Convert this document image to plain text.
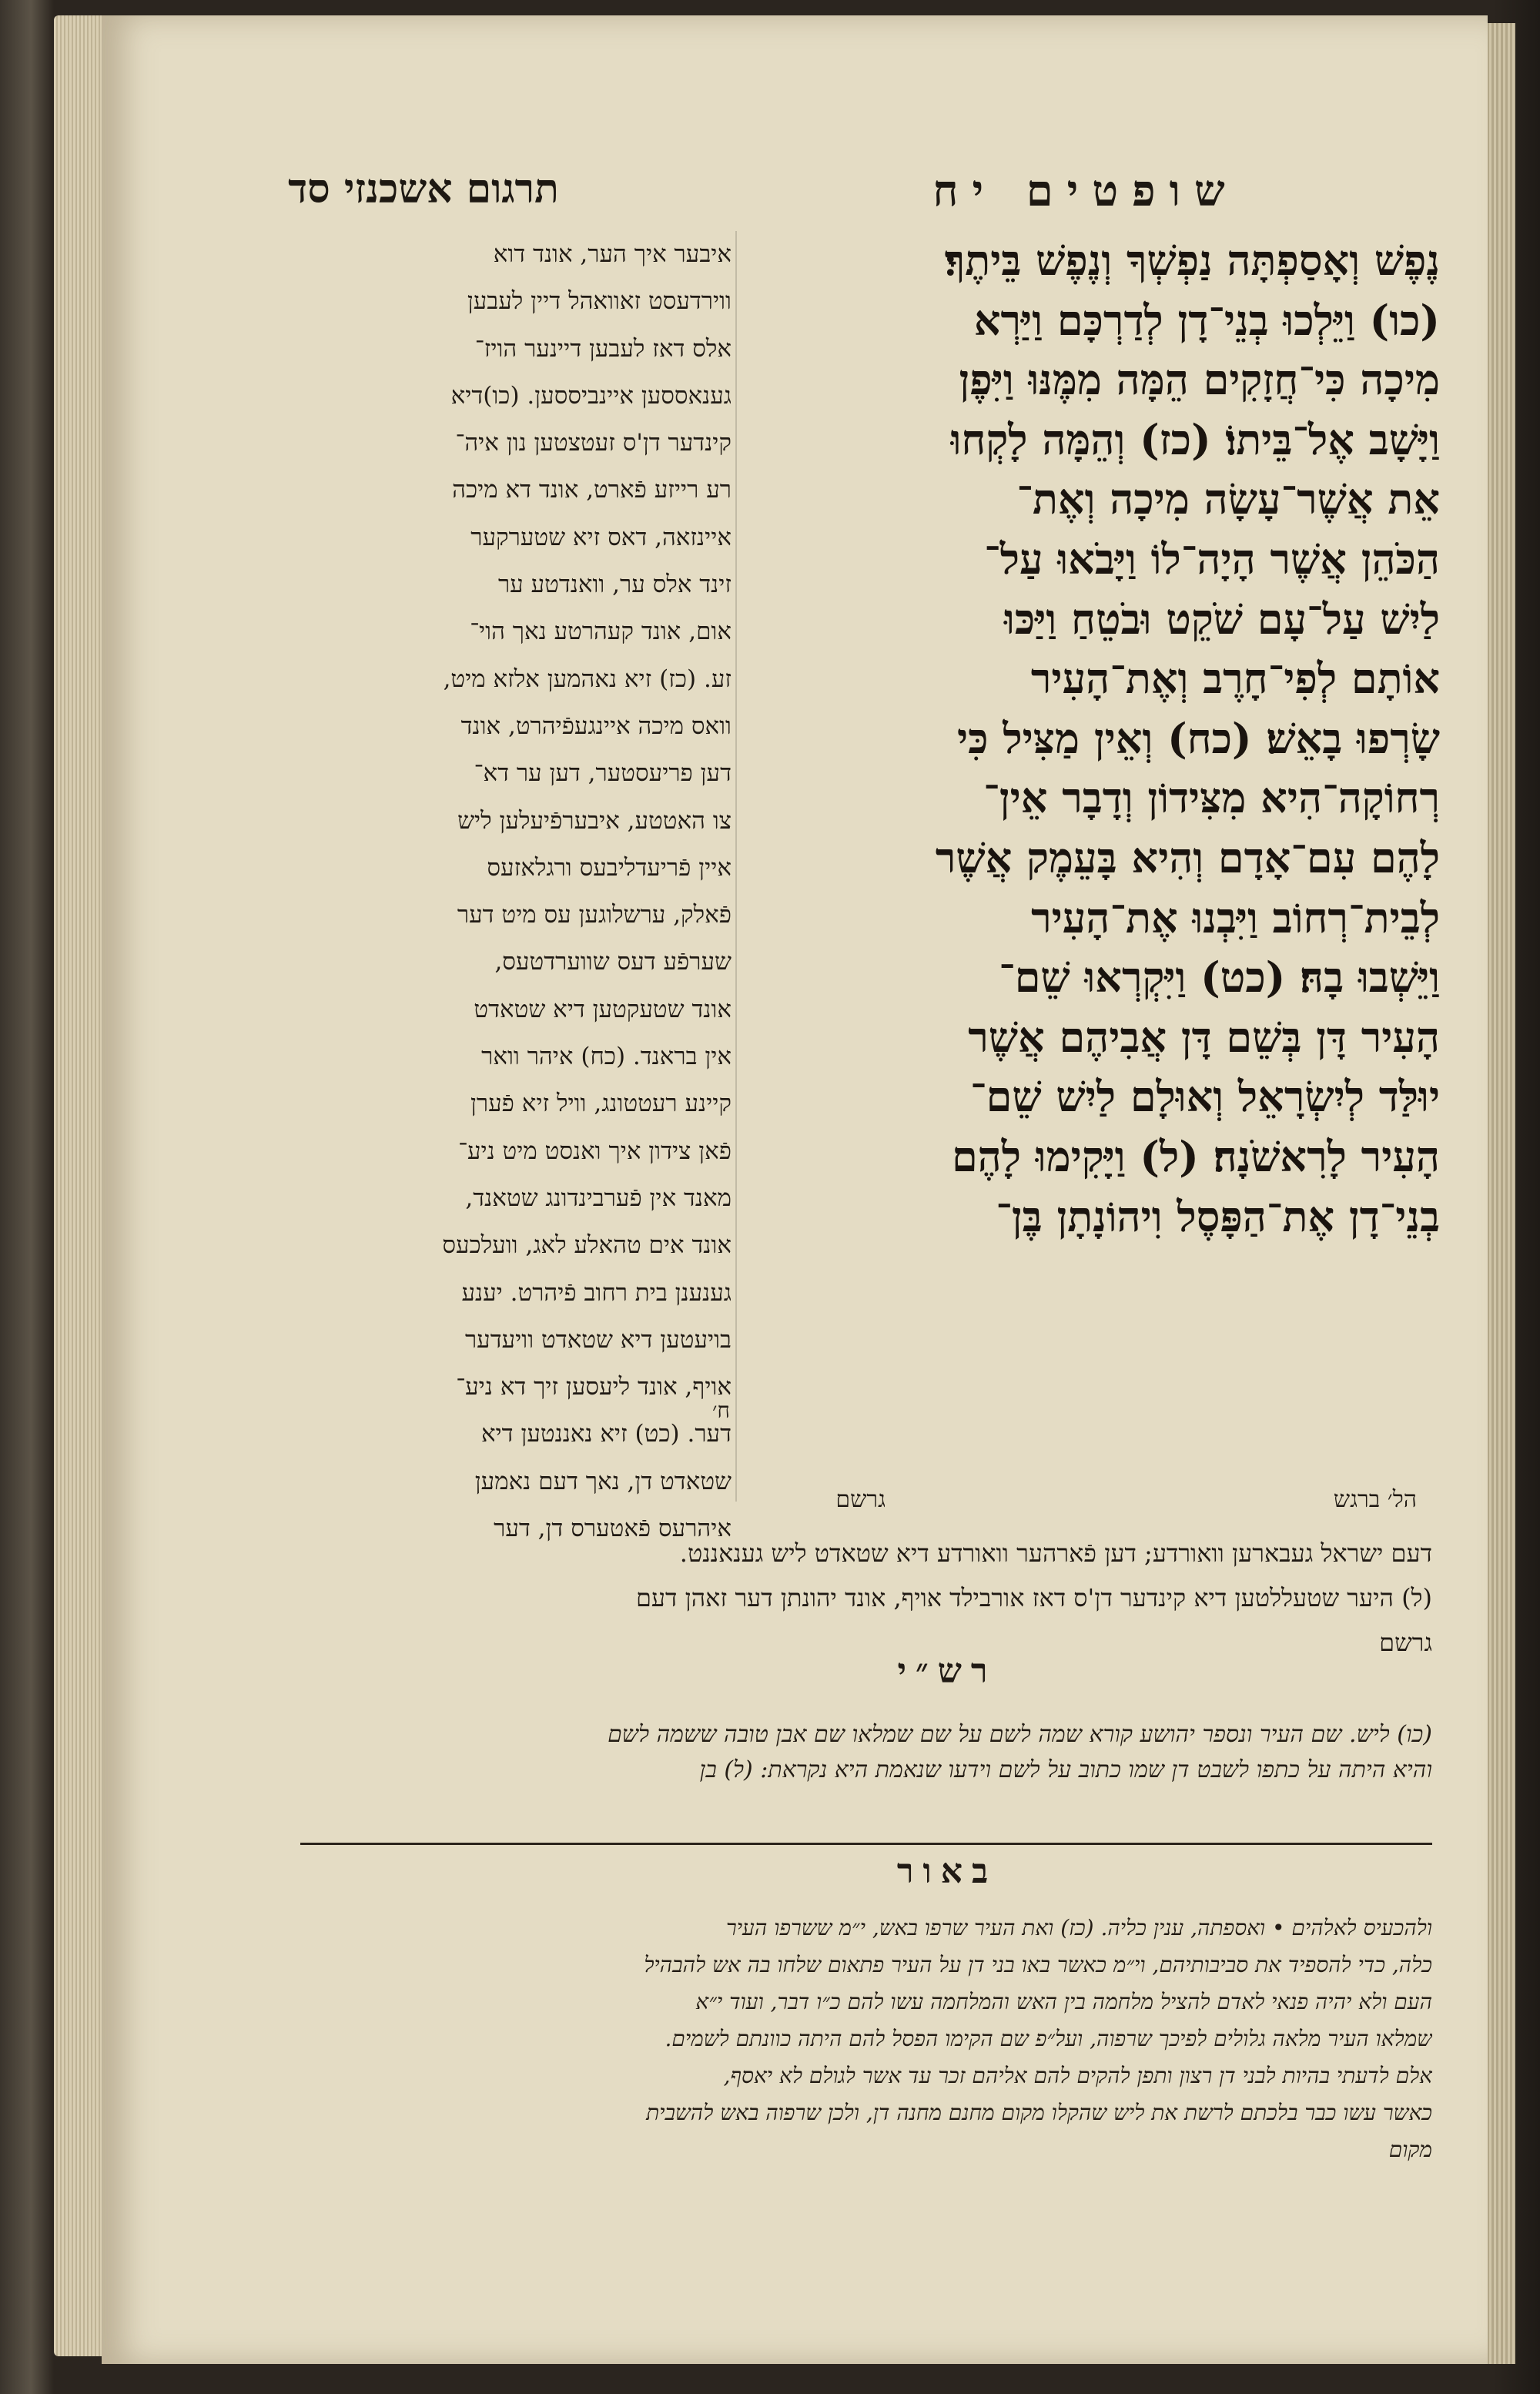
תרגום אשכנזי סד	שופטים יח
איבער איך הער, אונד דוא
ווירדעסט זאוואהל דיין לעבען
אלס דאז לעבען דיינער הויז־
גענאססען איינביססען. (כו)דיא
קינדער דן'ס זעטצטען נון איה־
רע רייזע פֿארט, אונד דא מיכה
איינזאה, דאס זיא שטערקער
זינד אלס ער, וואנדטע ער
אום, אונד קעהרטע נאך הוי־
זע. (כז) זיא נאהמען אלזא מיט,
וואס מיכה איינגעפֿיהרט, אונד
דען פריעסטער, דען ער דא־
צו האטטע, איבערפֿיעלען ליש
איין פֿריעדליבעס ורגלאזעס
פֿאלק, ערשלוגען עס מיט דער
שערפֿע דעס שווערדטעס,
אונד שטעקטען דיא שטאדט
אין בראנד. (כח) איהר וואר
קיינע רעטטונג, וויל זיא פֿערן
פֿאן צידון איך ואנסט מיט ניע־
מאנד אין פֿערבינדונג שטאנד,
אונד אים טהאלע לאג, וועלכעס
גענענן בית רחוב פֿיהרט. יענע
בויעטען דיא שטאדט וויעדער
אויף, אונד ליעסען זיך דא ניע־
דער. (כט) זיא נאננטען דיא
שטאדט דן, נאך דעם נאמען
איהרעס פֿאטערס דן, דער
ח׳
נֶפֶשׁ וְאָסַפְתָּה נַפְשְׁךָ וְנֶפֶשׁ בֵּיתֶךָ׃
(כו) וַיֵּלְכוּ בְנֵי־דָן לְדַרְכָּם וַיַּרְא
מִיכָה כִּי־חֲזָקִים הֵמָּה מִמֶּנּוּ וַיִּפֶן
וַיָּשָׁב אֶל־בֵּיתוֹ׃ (כז) וְהֵמָּה לָקְחוּ
אֵת אֲשֶׁר־עָשָׂה מִיכָה וְאֶת־
הַכֹּהֵן אֲשֶׁר הָיָה־לוֹ וַיָּבֹאוּ עַל־
לַיִשׁ עַל־עָם שֹׁקֵט וּבֹטֵחַ וַיַּכּוּ
אוֹתָם לְפִי־חָרֶב וְאֶת־הָעִיר
שָׂרְפוּ בָאֵשׁ׃ (כח) וְאֵין מַצִּיל כִּי
רְחוֹקָה־הִיא מִצִּידוֹן וְדָבָר אֵין־
לָהֶם עִם־אָדָם וְהִיא בָּעֵמֶק אֲשֶׁר
לְבֵית־רְחוֹב וַיִּבְנוּ אֶת־הָעִיר
וַיֵּשְׁבוּ בָהּ׃ (כט) וַיִּקְרְאוּ שֵׁם־
הָעִיר דָּן בְּשֵׁם דָּן אֲבִיהֶם אֲשֶׁר
יוּלַּד לְיִשְׂרָאֵל וְאוּלָם לַיִשׁ שֵׁם־
הָעִיר לָרִאשֹׁנָה׃ (ל) וַיָּקִימוּ לָהֶם
בְנֵי־דָן אֶת־הַפָּסֶל וִיהוֹנָתָן בֶּן־
הל׳ ברגש
גרשם
דעם ישראל געבארען וואורדע; דען פֿארהער וואורדע דיא שטאדט ליש גענאננט.
(ל) היער שטעללטען דיא קינדער דן'ס דאז אורבילד אויף, אונד יהונתן דער זאהן דעם
גרשם
רש״י
(כו) ליש. שם העיר ונספר יהושע קורא שמה לשם על שם שמלאו שם אבן טובה ששמה לשם
והיא היתה על כתפו לשבט דן שמו כתוב על לשם וידעו שנאמת היא נקראת: (ל) בן
באור
ולהכעיס לאלהים • ואספתה, ענין כליה. (כז) ואת העיר שרפו באש, י״מ ששרפו העיר
כלה, כדי להספיד את סביבותיהם, וי״מ כאשר באו בני דן על העיר פתאום שלחו בה אש להבהיל
העם ולא יהיה פנאי לאדם להציל מלחמה בין האש והמלחמה עשו להם כ״ו דבר, ועוד י״א
שמלאו העיר מלאה גלולים לפיכך שרפוה, ועל״פ שם הקימו הפסל להם היתה כוונתם לשמים.
אלם לדעתי בהיות לבני דן רצון ותפן להקים להם אליהם זכר עד אשר לגולם לא יאסף,
כאשר עשו כבר בלכתם לרשת את ליש שהקלו מקום מחנם מחנה דן, ולכן שרפוה באש להשבית
מקום
